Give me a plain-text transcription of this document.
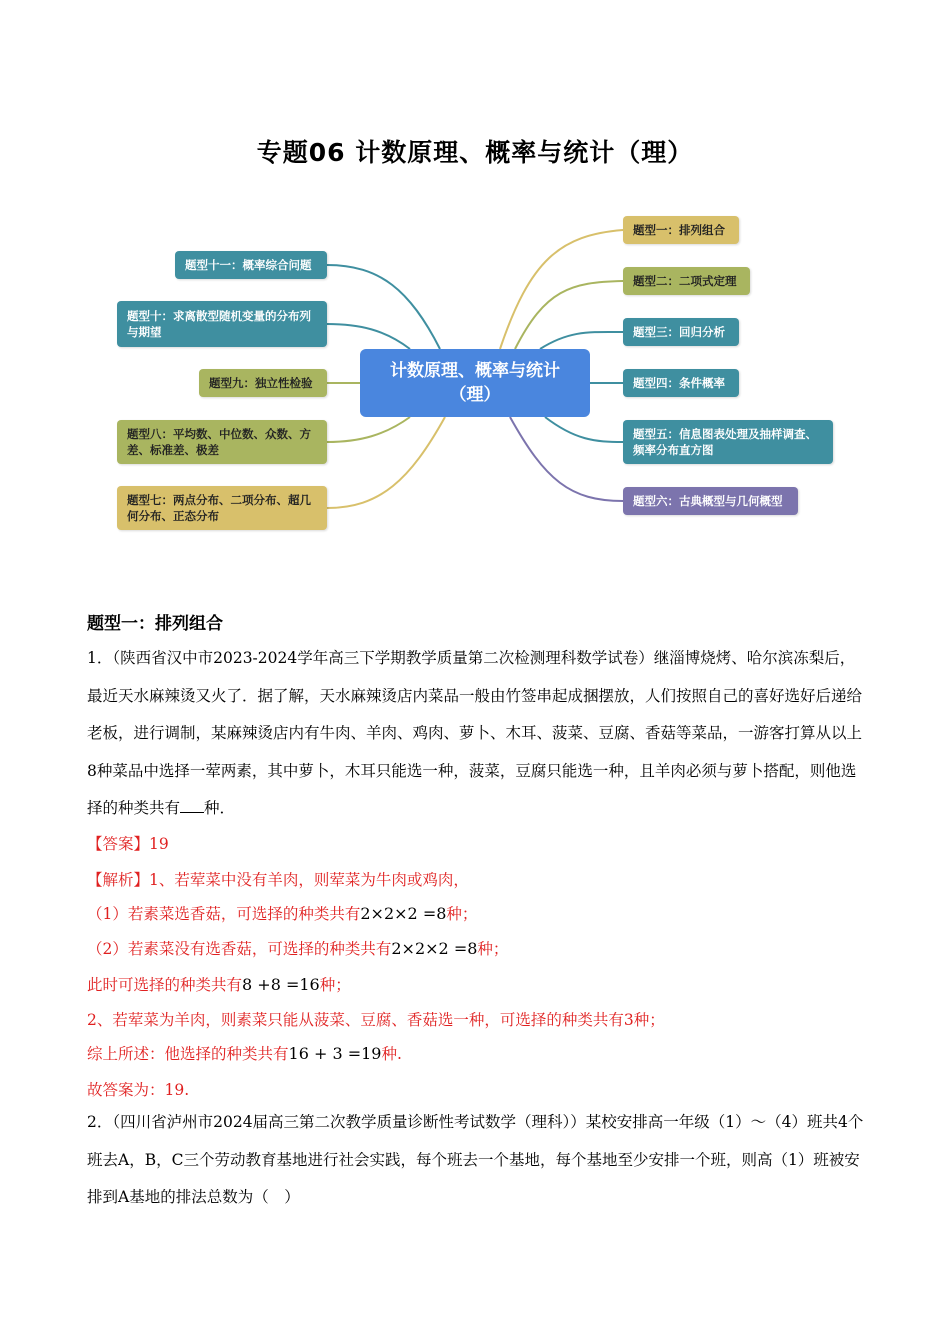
专题06 计数原理、概率与统计（理）
计数原理、概率与统计
（理）
题型一：排列组合
题型二：二项式定理
题型三：回归分析
题型四：条件概率
题型五：信息图表处理及抽样调查、频率分布直方图
题型六：古典概型与几何概型
题型十一：概率综合问题
题型十：求离散型随机变量的分布列与期望
题型九：独立性检验
题型八：平均数、中位数、众数、方差、标准差、极差
题型七：两点分布、二项分布、超几何分布、正态分布
题型一：排列组合
1．（陕西省汉中市2023-2024学年高三下学期教学质量第二次检测理科数学试卷）继淄博烧烤、哈尔滨冻梨后，最近天水麻辣烫又火了．据了解，天水麻辣烫店内菜品一般由竹签串起成捆摆放，人们按照自己的喜好选好后递给老板，进行调制，某麻辣烫店内有牛肉、羊肉、鸡肉、萝卜、木耳、菠菜、豆腐、香菇等菜品，一游客打算从以上8种菜品中选择一荤两素，其中萝卜，木耳只能选一种，菠菜，豆腐只能选一种，且羊肉必须与萝卜搭配，则他选择的种类共有 种．
【答案】19
【解析】1、若荤菜中没有羊肉，则荤菜为牛肉或鸡肉，
（1）若素菜选香菇，可选择的种类共有2×2×2 =8种；
（2）若素菜没有选香菇，可选择的种类共有2×2×2 =8种；
此时可选择的种类共有8 +8 =16种；
2、若荤菜为羊肉，则素菜只能从菠菜、豆腐、香菇选一种，可选择的种类共有3种；
综上所述：他选择的种类共有16 + 3 =19种.
故答案为：19.
2．（四川省泸州市2024届高三第二次教学质量诊断性考试数学（理科））某校安排高一年级（1）～（4）班共4个班去A，B，C三个劳动教育基地进行社会实践，每个班去一个基地，每个基地至少安排一个班，则高（1）班被安排到A基地的排法总数为（　）
